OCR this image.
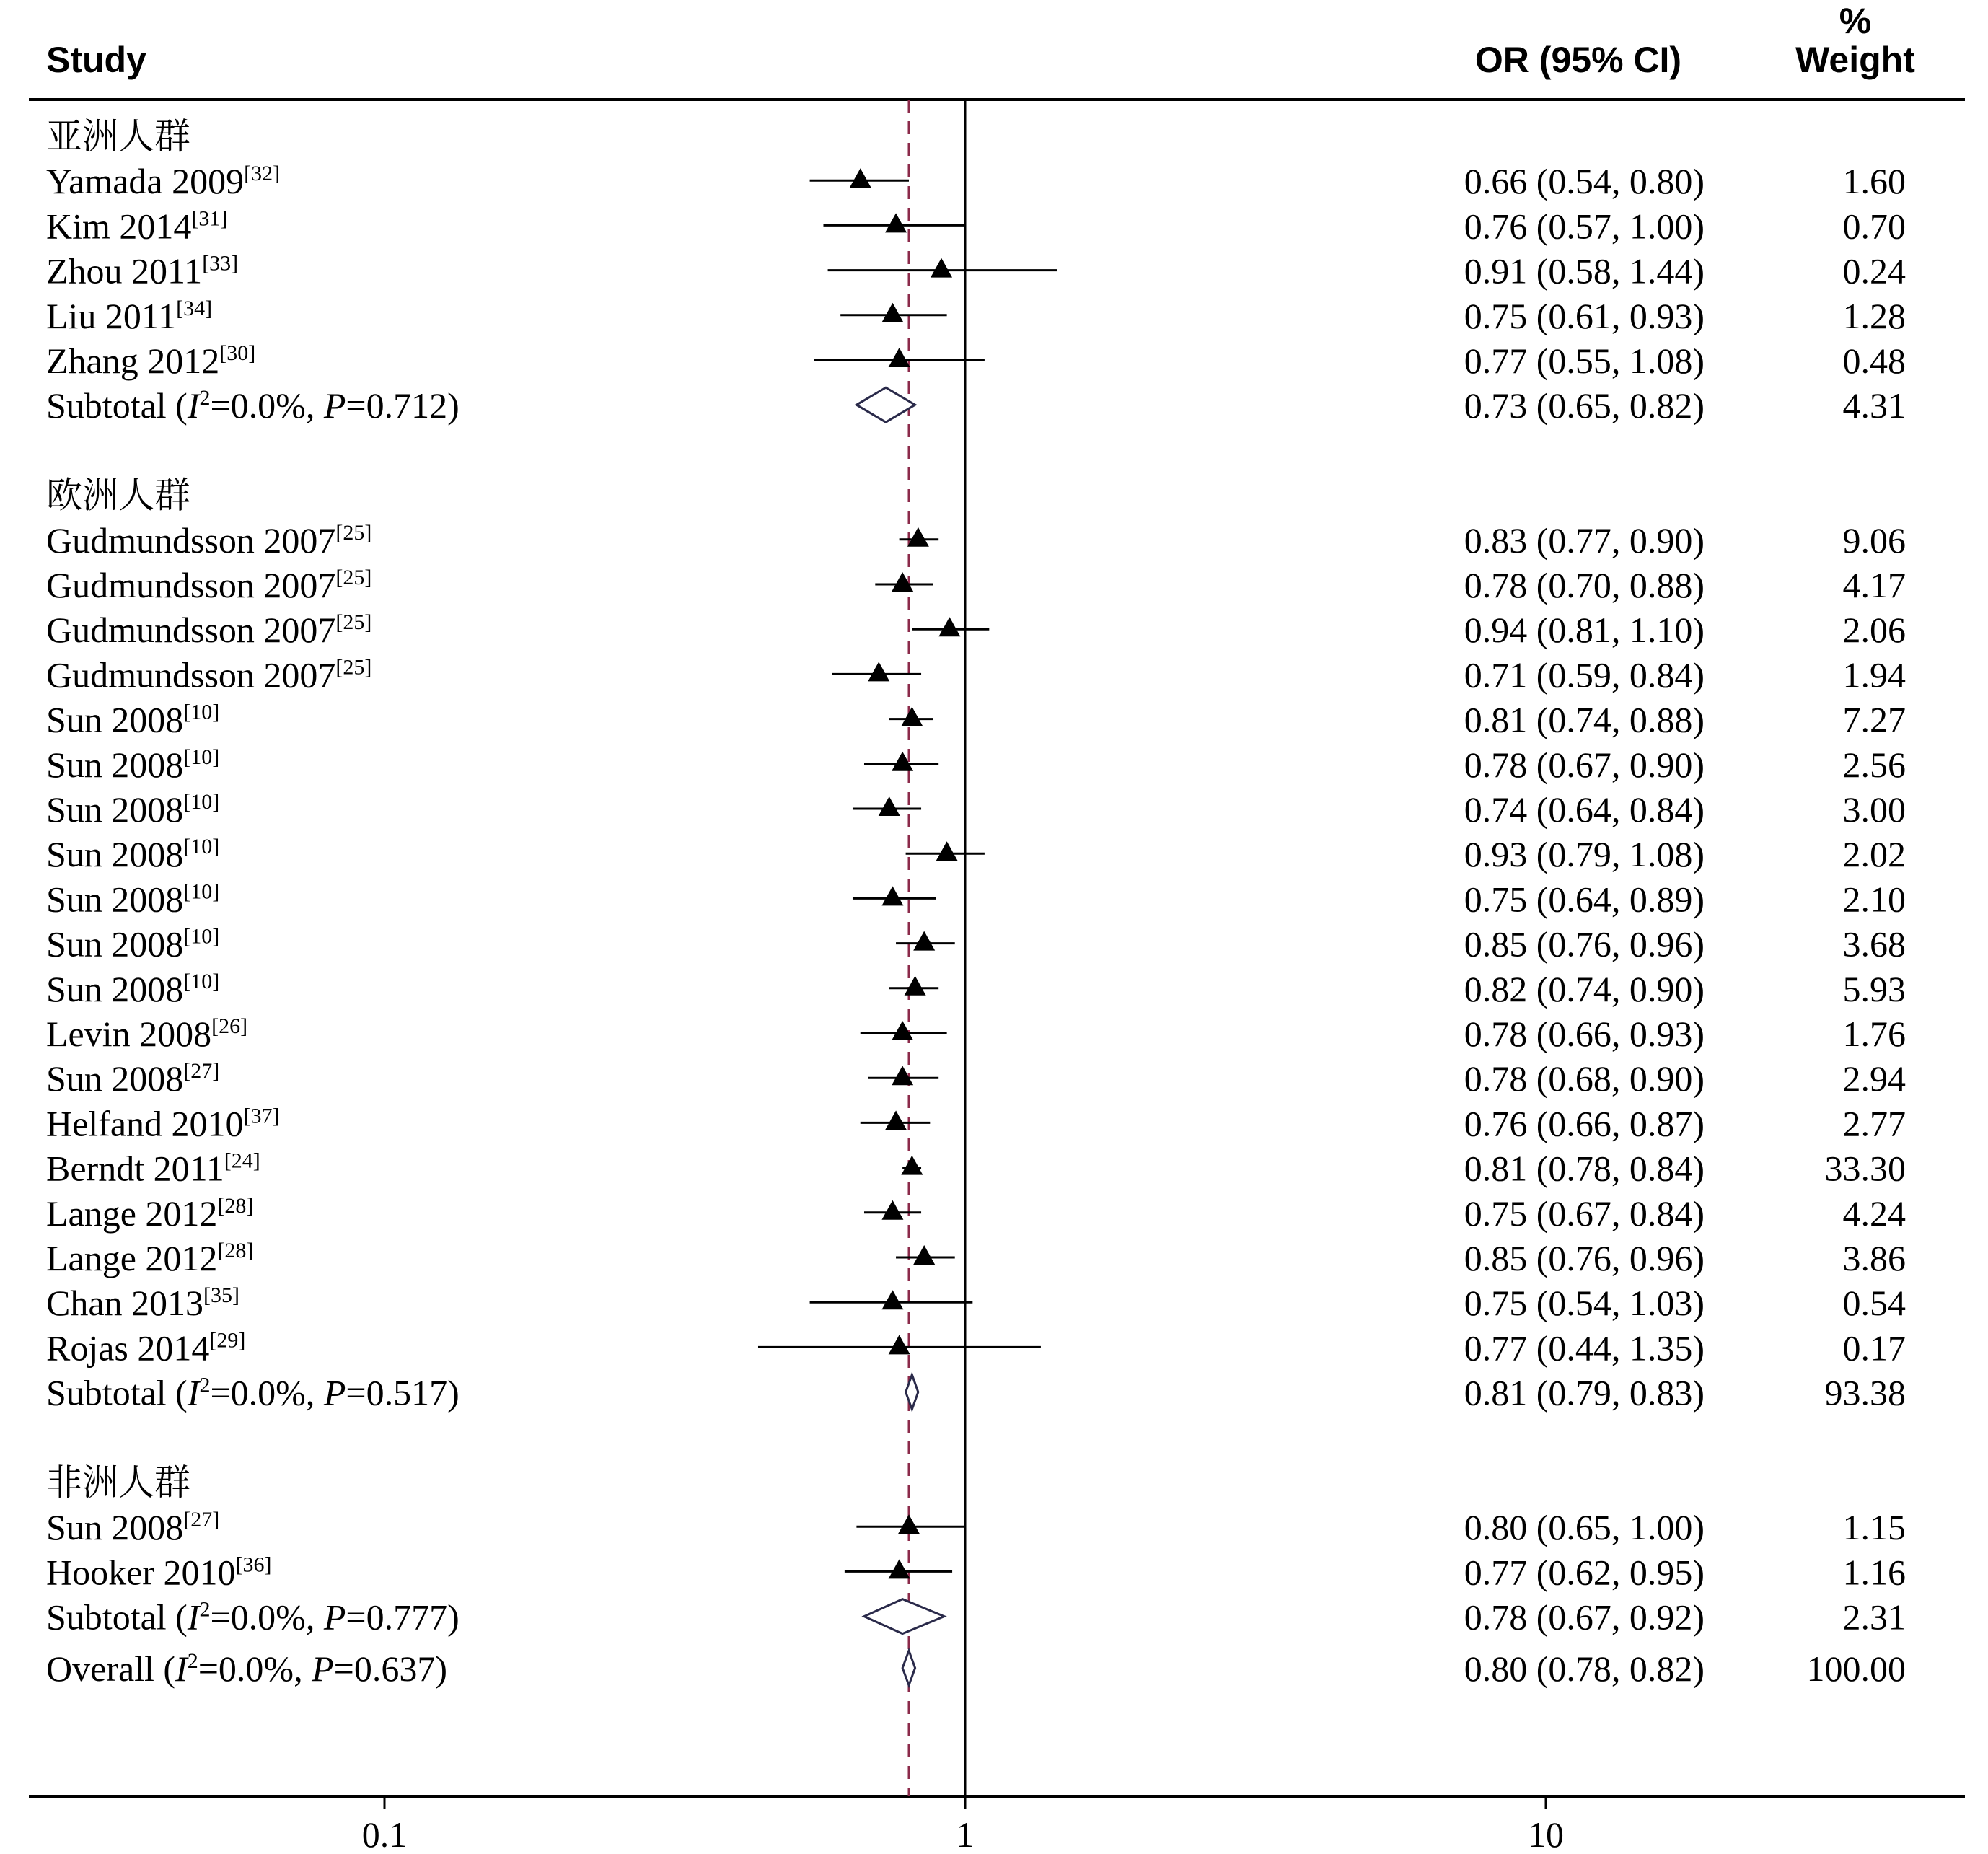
Study	OR (95% CI)
%
Weight
0.1	1	10
亚洲人群
Yamada 2009[32]	0.66 (0.54, 0.80)	1.60
Kim 2014[31]	0.76 (0.57, 1.00)	0.70
Zhou 2011[33]	0.91 (0.58, 1.44)	0.24
Liu 2011[34]	0.75 (0.61, 0.93)	1.28
Zhang 2012[30]	0.77 (0.55, 1.08)	0.48
Subtotal ($I^2=0.0\%$, P=0.712)	0.73 (0.65, 0.82)	4.31
欧洲人群
Gudmundsson 2007[25]	0.83 (0.77, 0.90)	9.06
Gudmundsson 2007[25]	0.78 (0.70, 0.88)	4.17
Gudmundsson 2007[25]	0.94 (0.81, 1.10)	2.06
Gudmundsson 2007[25]	0.71 (0.59, 0.84)	1.94
Sun 2008[10]	0.81 (0.74, 0.88)	7.27
Sun 2008[10]	0.78 (0.67, 0.90)	2.56
Sun 2008[10]	0.74 (0.64, 0.84)	3.00
Sun 2008[10]	0.93 (0.79, 1.08)	2.02
Sun 2008[10]	0.75 (0.64, 0.89)	2.10
Sun 2008[10]	0.85 (0.76, 0.96)	3.68
Sun 2008[10]	0.82 (0.74, 0.90)	5.93
Levin 2008[26]	0.78 (0.66, 0.93)	1.76
Sun 2008[27]	0.78 (0.68, 0.90)	2.94
Helfand 2010[37]	0.76 (0.66, 0.87)	2.77
Berndt 2011[24]	0.81 (0.78, 0.84)	33.30
Lange 2012[28]	0.75 (0.67, 0.84)	4.24
Lange 2012[28]	0.85 (0.76, 0.96)	3.86
Chan 2013[35]	0.75 (0.54, 1.03)	0.54
Rojas 2014[29]	0.77 (0.44, 1.35)	0.17
Subtotal ($I^2=0.0\%$, P=0.517)	0.81 (0.79, 0.83)	93.38
非洲人群
Sun 2008[27]	0.80 (0.65, 1.00)	1.15
Hooker 2010[36]	0.77 (0.62, 0.95)	1.16
Subtotal ($I^2=0.0\%$, P=0.777)	0.78 (0.67, 0.92)	2.31
Overall ($I^2=0.0\%$, P=0.637)	0.80 (0.78, 0.82)	100.00
